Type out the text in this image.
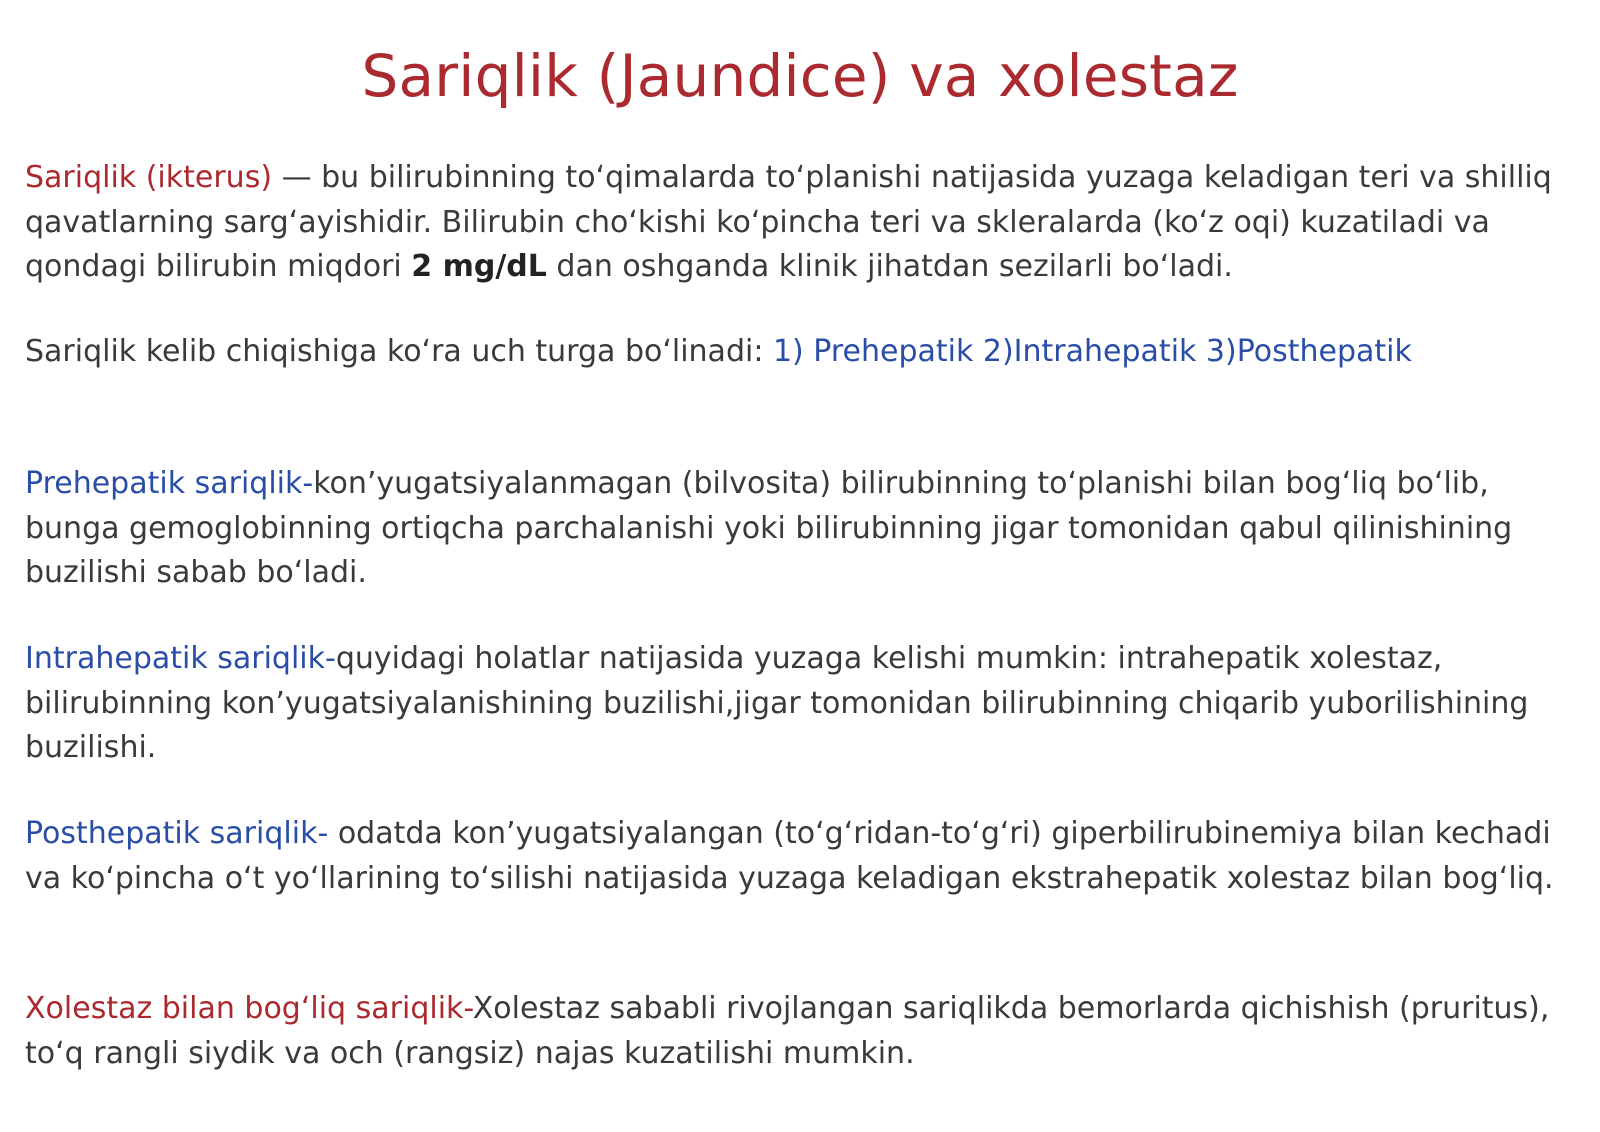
Sariqlik (Jaundice) va xolestaz

Sariqlik (ikterus) — bu bilirubinning to‘qimalarda to‘planishi natijasida yuzaga keladigan teri va shilliq qavatlarning sarg‘ayishidir. Bilirubin cho‘kishi ko‘pincha teri va skleralarda (ko‘z oqi) kuzatiladi va qondagi bilirubin miqdori 2 mg/dL dan oshganda klinik jihatdan sezilarli bo‘ladi.

Sariqlik kelib chiqishiga ko‘ra uch turga bo‘linadi: 1) Prehepatik 2)Intrahepatik 3)Posthepatik

Prehepatik sariqlik-kon’yugatsiyalanmagan (bilvosita) bilirubinning to‘planishi bilan bog‘liq bo‘lib, bunga gemoglobinning ortiqcha parchalanishi yoki bilirubinning jigar tomonidan qabul qilinishining buzilishi sabab bo‘ladi.

Intrahepatik sariqlik-quyidagi holatlar natijasida yuzaga kelishi mumkin: intrahepatik xolestaz, bilirubinning kon’yugatsiyalanishining buzilishi,jigar tomonidan bilirubinning chiqarib yuborilishining buzilishi.

Posthepatik sariqlik- odatda kon’yugatsiyalangan (to‘g‘ridan-to‘g‘ri) giperbilirubinemiya bilan kechadi va ko‘pincha o‘t yo‘llarining to‘silishi natijasida yuzaga keladigan ekstrahepatik xolestaz bilan bog‘liq.

Xolestaz bilan bog‘liq sariqlik-Xolestaz sababli rivojlangan sariqlikda bemorlarda qichishish (pruritus), to‘q rangli siydik va och (rangsiz) najas kuzatilishi mumkin.
